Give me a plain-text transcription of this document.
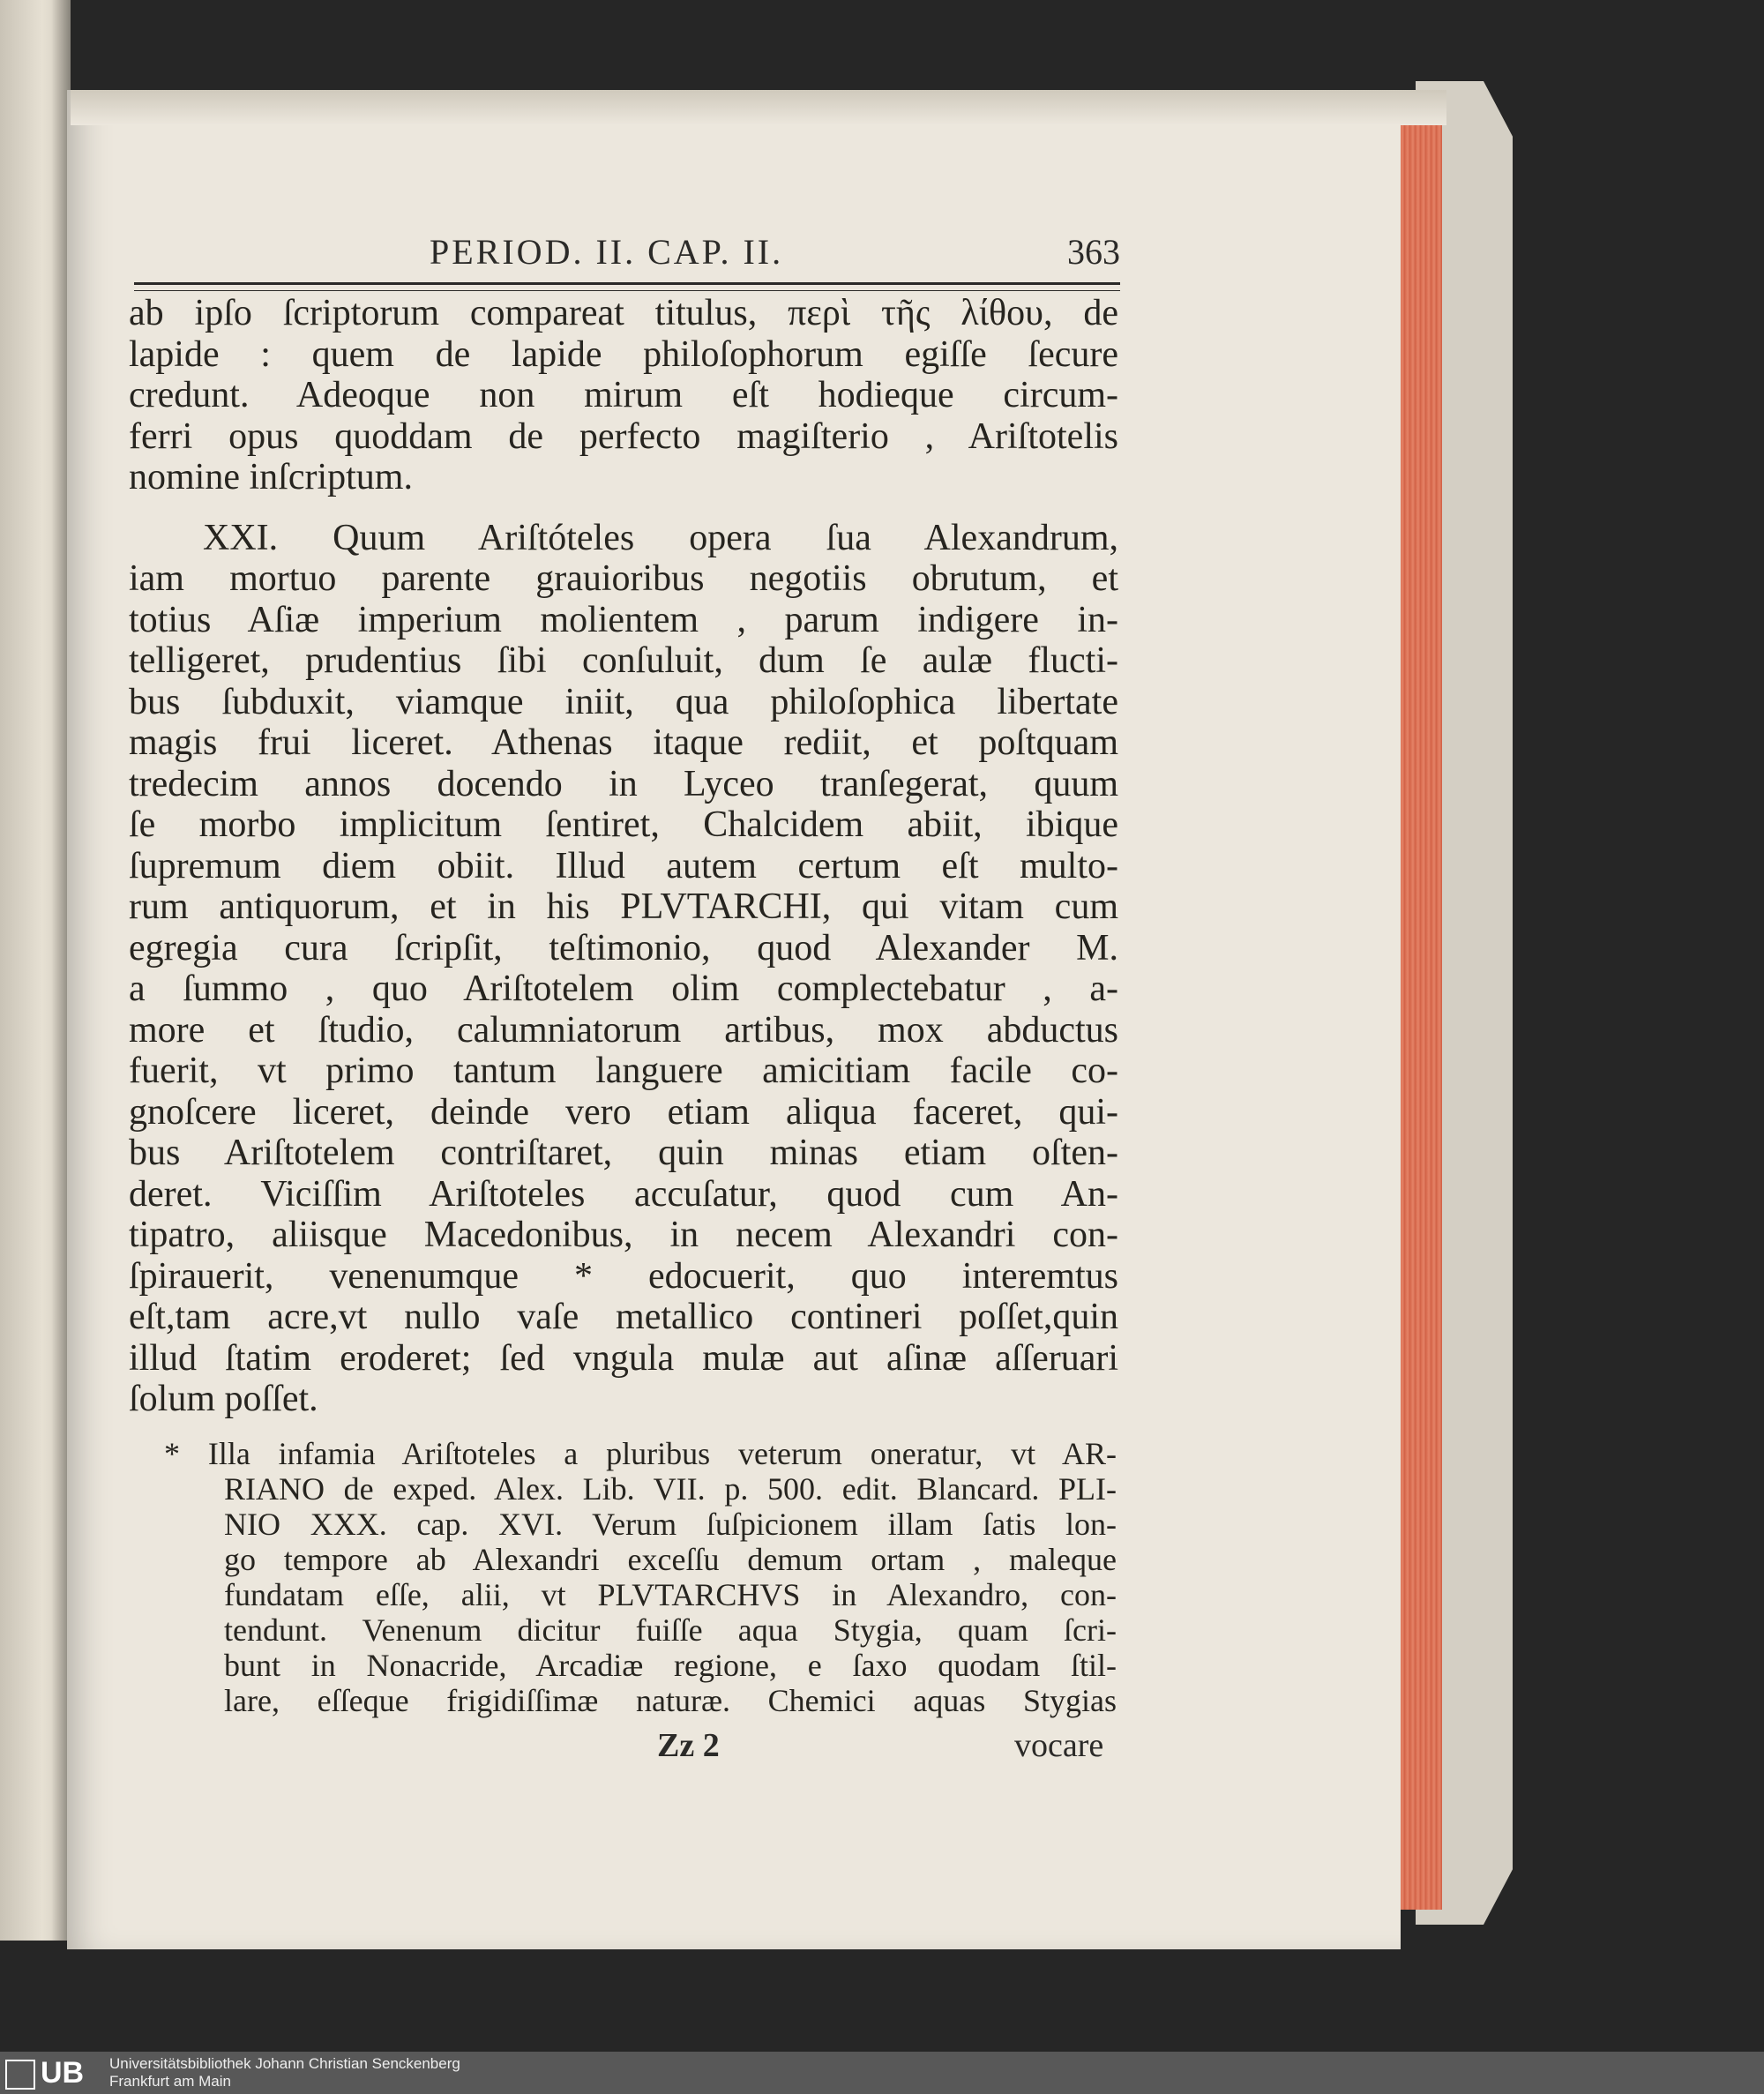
PERIOD. II. CAP. II.	363
ab ipſo ſcriptorum compareat titulus, περὶ τῆς λίθου, de
lapide : quem de lapide philoſophorum egiſſe ſecure
credunt. Adeoque non mirum eſt hodieque circum-
ferri opus quoddam de perfecto magiſterio , Ariſtotelis
nomine inſcriptum.
XXI. Quum Ariſtóteles opera ſua Alexandrum,
iam mortuo parente grauioribus negotiis obrutum, et
totius Aſiæ imperium molientem , parum indigere in-
telligeret, prudentius ſibi conſuluit, dum ſe aulæ flucti-
bus ſubduxit, viamque iniit, qua philoſophica libertate
magis frui liceret. Athenas itaque rediit, et poſtquam
tredecim annos docendo in Lyceo tranſegerat, quum
ſe morbo implicitum ſentiret, Chalcidem abiit, ibique
ſupremum diem obiit. Illud autem certum eſt multo-
rum antiquorum, et in his PLVTARCHI, qui vitam cum
egregia cura ſcripſit, teſtimonio, quod Alexander M.
a ſummo , quo Ariſtotelem olim complectebatur , a-
more et ſtudio, calumniatorum artibus, mox abductus
fuerit, vt primo tantum languere amicitiam facile co-
gnoſcere liceret, deinde vero etiam aliqua faceret, qui-
bus Ariſtotelem contriſtaret, quin minas etiam oſten-
deret. Viciſſim Ariſtoteles accuſatur, quod cum An-
tipatro, aliisque Macedonibus, in necem Alexandri con-
ſpirauerit, venenumque * edocuerit, quo interemtus
eſt,tam acre,vt nullo vaſe metallico contineri poſſet,quin
illud ſtatim eroderet; ſed vngula mulæ aut aſinæ aſſeruari
ſolum poſſet.
* Illa infamia Ariſtoteles a pluribus veterum oneratur, vt AR-
RIANO de exped. Alex. Lib. VII. p. 500. edit. Blancard. PLI-
NIO XXX. cap. XVI. Verum ſuſpicionem illam ſatis lon-
go tempore ab Alexandri exceſſu demum ortam , maleque
fundatam eſſe, alii, vt PLVTARCHVS in Alexandro, con-
tendunt. Venenum dicitur fuiſſe aqua Stygia, quam ſcri-
bunt in Nonacride, Arcadiæ regione, e ſaxo quodam ſtil-
lare, eſſeque frigidiſſimæ naturæ. Chemici aquas Stygias
Zz 2	vocare
UB	Universitätsbibliothek Johann Christian Senckenberg
Frankfurt am Main
